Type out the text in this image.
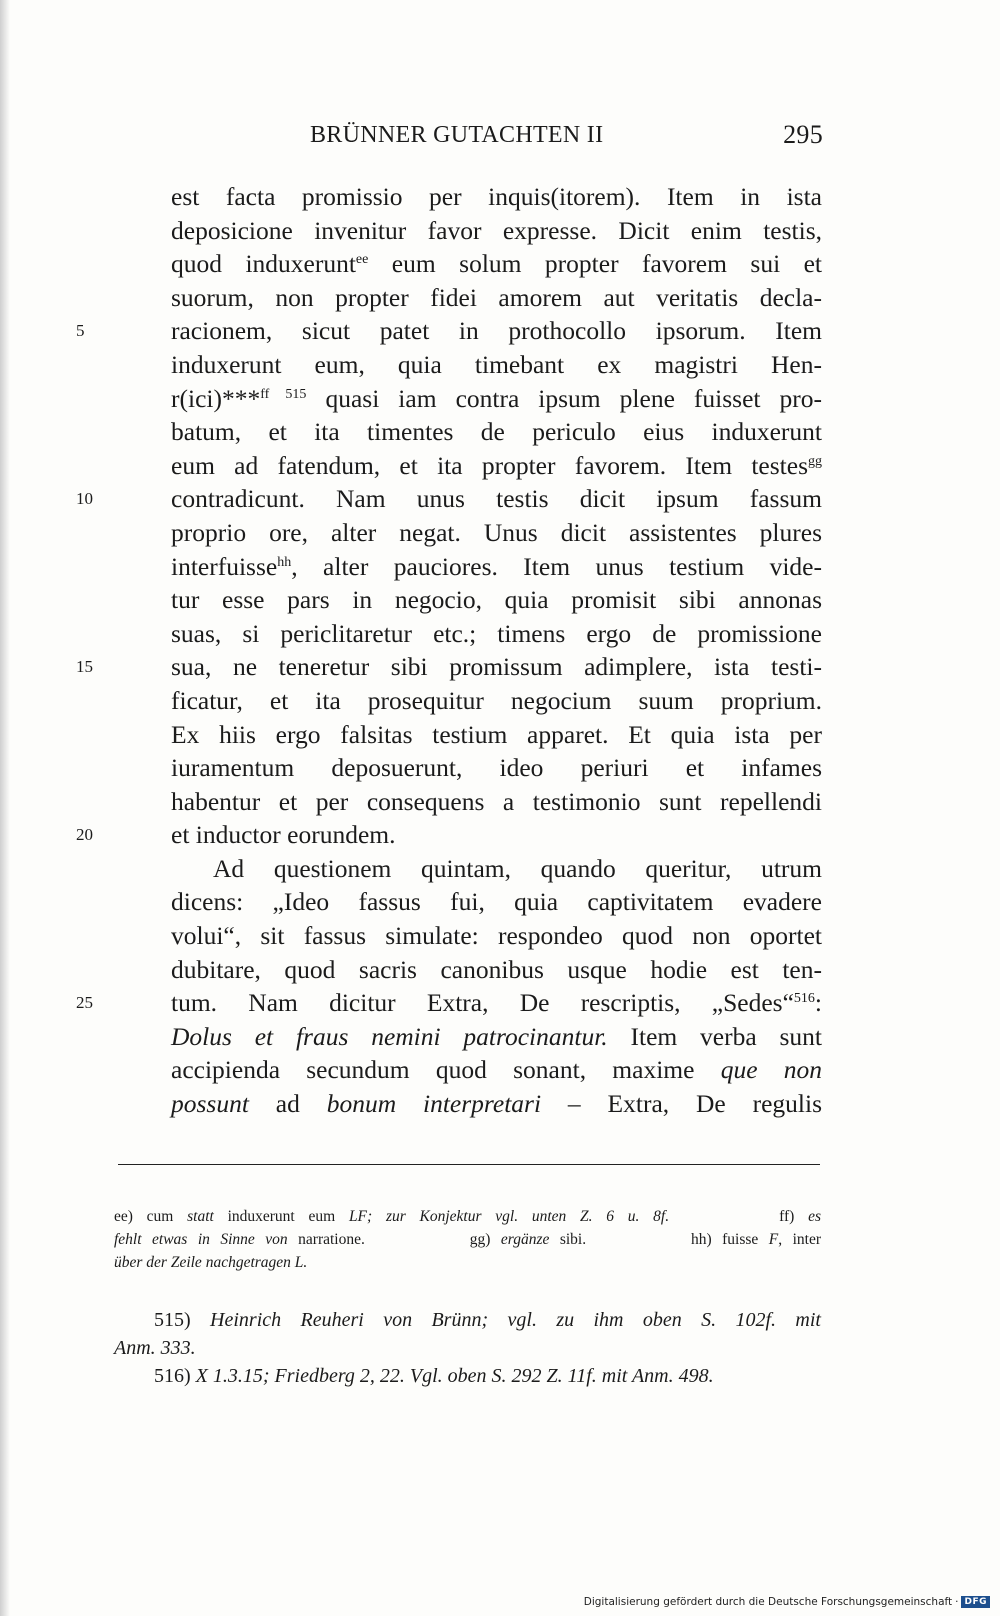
BRÜNNER GUTACHTEN II	295
est facta promissio per inquis(itorem). Item in ista
deposicione invenitur favor expresse. Dicit enim testis,
quod induxerunt$^{ee}$ eum solum propter favorem sui et
suorum, non propter fidei amorem aut veritatis decla-
5	racionem, sicut patet in prothocollo ipsorum. Item
induxerunt eum, quia timebant ex magistri Hen-
r(ici)***$^{ff 515}$ quasi iam contra ipsum plene fuisset pro-
batum, et ita timentes de periculo eius induxerunt
eum ad fatendum, et ita propter favorem. Item testes$^{gg}$
10	contradicunt. Nam unus testis dicit ipsum fassum
proprio ore, alter negat. Unus dicit assistentes plures
interfuisse$^{hh}$, alter pauciores. Item unus testium vide-
tur esse pars in negocio, quia promisit sibi annonas
suas, si periclitaretur etc.; timens ergo de promissione
15	sua, ne teneretur sibi promissum adimplere, ista testi-
ficatur, et ita prosequitur negocium suum proprium.
Ex hiis ergo falsitas testium apparet. Et quia ista per
iuramentum deposuerunt, ideo periuri et infames
habentur et per consequens a testimonio sunt repellendi
20	et inductor eorundem.
Ad questionem quintam, quando queritur, utrum
dicens: „Ideo fassus fui, quia captivitatem evadere
volui“, sit fassus simulate: respondeo quod non oportet
dubitare, quod sacris canonibus usque hodie est ten-
25	tum. Nam dicitur Extra, De rescriptis, „Sedes“$^{516}$:
Dolus et fraus nemini patrocinantur. Item verba sunt
accipienda secundum quod sonant, maxime que non
possunt ad bonum interpretari – Extra, De regulis
ee) cum statt induxerunt eum LF; zur Konjektur vgl. unten Z. 6 u. 8f.        ff) es
fehlt etwas in Sinne von narratione.          gg) ergänze sibi.          hh) fuisse F, inter
über der Zeile nachgetragen L.
515) Heinrich Reuheri von Brünn; vgl. zu ihm oben S. 102f. mit
Anm. 333.
516) X 1.3.15; Friedberg 2, 22. Vgl. oben S. 292 Z. 11f. mit Anm. 498.
Digitalisierung gefördert durch die Deutsche Forschungsgemeinschaft · DFG
